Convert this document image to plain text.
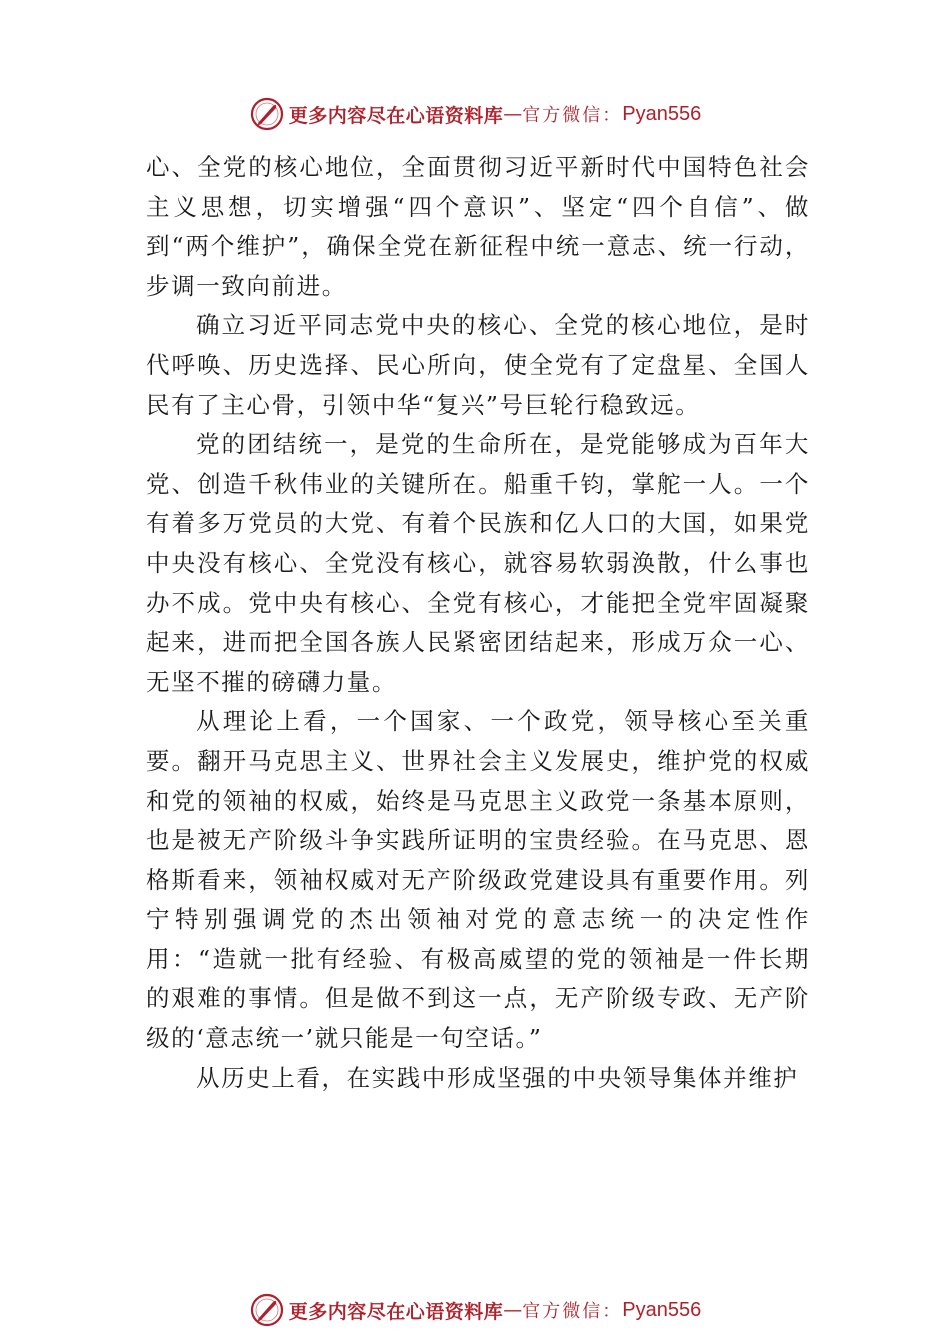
更多内容尽在心语资料库 — 官方微信： Pyan556

心、全党的核心地位，全面贯彻习近平新时代中国特色社会主义思想，切实增强“四个意识”、坚定“四个自信”、做到“两个维护”，确保全党在新征程中统一意志、统一行动，步调一致向前进。

确立习近平同志党中央的核心、全党的核心地位，是时代呼唤、历史选择、民心所向，使全党有了定盘星、全国人民有了主心骨，引领中华“复兴”号巨轮行稳致远。

党的团结统一，是党的生命所在，是党能够成为百年大党、创造千秋伟业的关键所在。船重千钧，掌舵一人。一个有着多万党员的大党、有着个民族和亿人口的大国，如果党中央没有核心、全党没有核心，就容易软弱涣散，什么事也办不成。党中央有核心、全党有核心，才能把全党牢固凝聚起来，进而把全国各族人民紧密团结起来，形成万众一心、 无坚不摧的磅礴力量。

从理论上看，一个国家、一个政党，领导核心至关重要。翻开马克思主义、世界社会主义发展史，维护党的权威和党的领袖的权威，始终是马克思主义政党一条基本原则，也是被无产阶级斗争实践所证明的宝贵经验。在马克思、恩格斯看来，领袖权威对无产阶级政党建设具有重要作用。列宁特别强调党的杰出领袖对党的意志统一的决定性作用：“造就一批有经验、有极高威望的党的领袖是一件长期的艰难的事情。但是做不到这一点，无产阶级专政、无产阶级的‘意志统一’就只能是一句空话。”

从历史上看，在实践中形成坚强的中央领导集体并维护

更多内容尽在心语资料库 — 官方微信： Pyan556
